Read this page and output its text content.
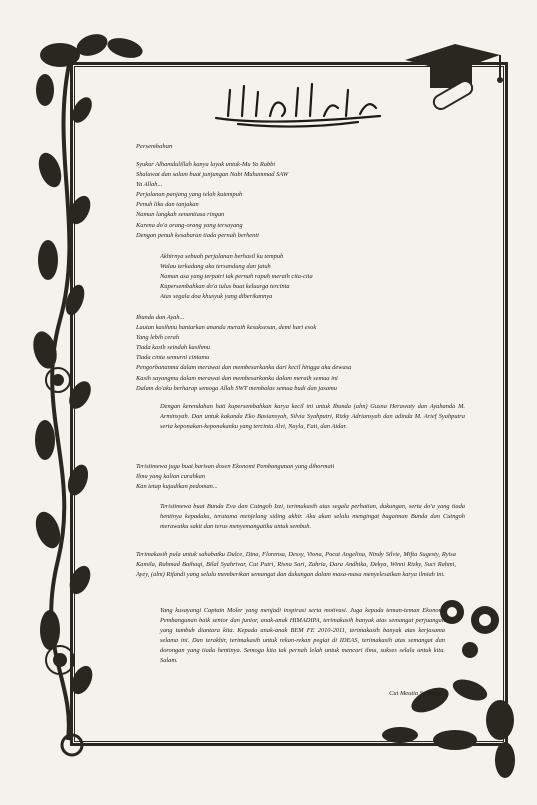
Persembahan
Syukur Alhamdulillah kanya layak untuk-Mu Ya Rabbi
Shalawat dan salam buat junjungan Nabi Muhammad SAW
Ya Allah...
Perjalanan panjang yang telah kutempuh
Penuh liku dan tanjakan
Namun langkah senantiasa ringan
Karena do'a orang-orang yang tersayang
Dengan penuh kesabaran tiada pernah berhenti
Akhirnya sebuah perjalanan berhasil ku tempuh
Walau terkadang aku tersandung dan jatuh
Namun asa yang terpatri tak pernah rapuh meraih cita-cita
Kupersembahkan do'a tulus buat keluarga tercinta
Atas segala doa khusyuk yang diberikannya
Ibunda dan Ayah...
Lautan kasihmu hantarkan ananda meraih kesuksesan, demi hari esok
Yang lebih cerah
Tiada kasih seindah kasihmu
Tiada cinta semurni cintamu
Pengorbananmu dalam merawat dan membesarkanku dari kecil hingga aku dewasa
Kasih sayangmu dalam merawat dan membesarkanku dalam meraih semua ini
Dalam do'aku berharap semoga Allah SWT membalas semua budi dan jasamu
Dengan kerendahan hati kupersembahkan karya kecil ini untuk Ibunda (alm) Gusna Herawaty dan Ayahanda M. Arminsyah. Dan untuk kakanda Eko Basiansyah, Silvia Syahputri, Rizky Adriansyah dan adinda M. Arief Syahputra serta keponakan-keponakanku yang tercinta Alvi, Nayla, Fati, dan Aidar.
Teristimewa juga buat barisan dosen Ekonomi Pembangunan yang dihormati
Ilmu yang kalian curahkan
Kan tetap kujadikan pedoman...
Teristimewa buat Bunda Eva dan Cutngoh Izzi, terimakasih atas segala perhatian, dukungan, serta do'a yang tiada hentinya kepadaku, terutama menjelang siding akhir. Aku akan selalu mengingat bagaiman Bunda dan Cutngoh merawatku sakit dan terus menyemangatiku untuk sembuh.
Terimakasih pula untuk sahabatku Dulce, Dina, Florensa, Dessy, Viona, Pocut Angelina, Nindy Silvie, Mifta Sugesty, Ryisa Kamila, Rahmad Baihaqi, Bilal Syahrivar, Cut Putri, Risna Sari, Zahria, Dara Andhika, Dekya, Winni Rizky, Suci Rahmi, Ayey, (alm) Rifandi yang selalu memberikan semangat dan dukungan dalam masa-masa menyelesaikan karya ilmiah ini.
Yang kusayangi Captain Moler yang menjadi inspirasi serta motivasi. Juga kepada teman-teman Ekonomi Pembangunan baik senior dan junior, anak-anak HIMADIPA, terimakasih banyak atas semangat perjuangan yang tumbuh diantara kita. Kepada anak-anak BEM FE 2010-2011, terimakasih banyak atas kerjasama selama ini. Dan terakhir, terimakasih untuk rekan-rekan pegiat di IDEAS, terimakasih atas semangat dan dorongan yang tiada hentinya. Semoga kita tak pernah lelah untuk mencari ilmu, sukses selalu untuk kita. Salam.
Cut Meutia Syahara
